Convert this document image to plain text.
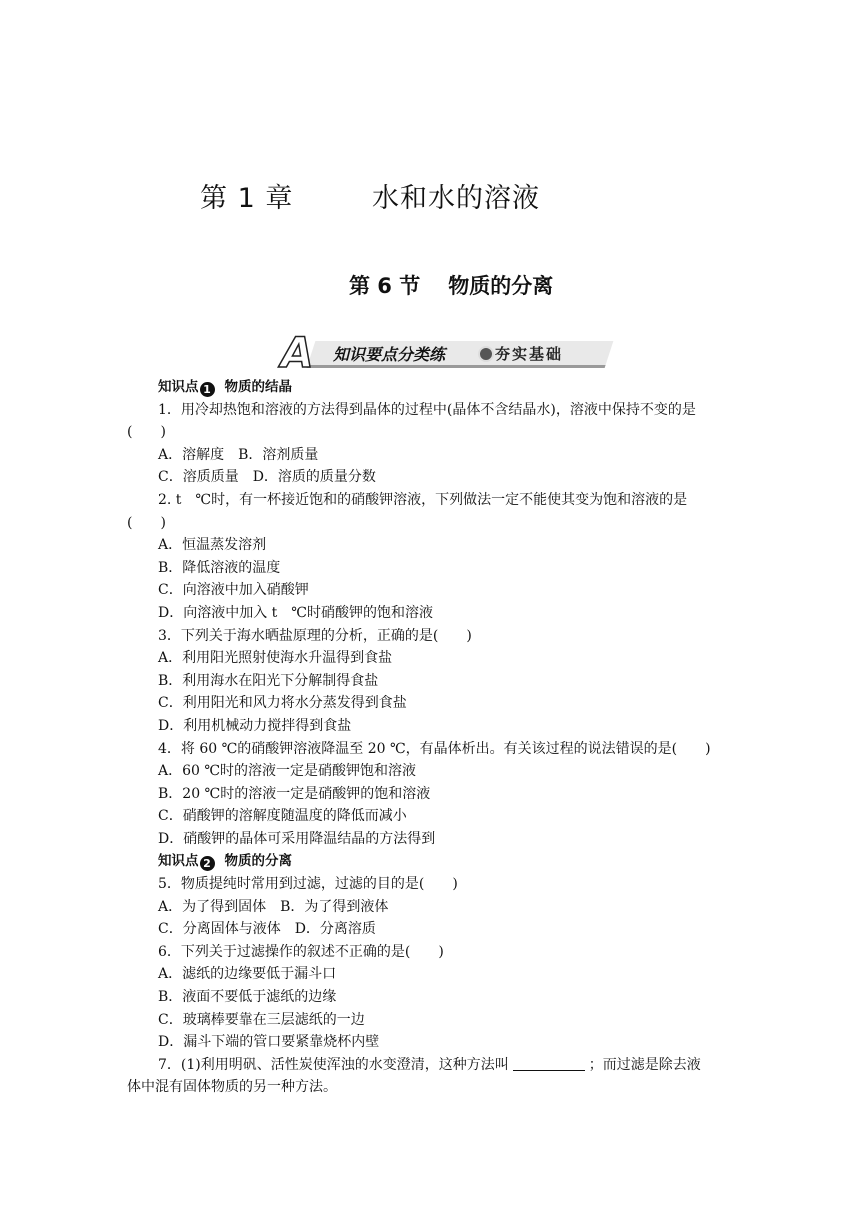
第 1 章	水和水的溶液
第 6 节 物质的分离
A 知识要点分类练	夯实基础
知识点 1 物质的结晶
1．用冷却热饱和溶液的方法得到晶体的过程中(晶体不含结晶水)，溶液中保持不变的是
(　　)
A．溶解度　B．溶剂质量
C．溶质质量　D．溶质的质量分数
2. t　℃时，有一杯接近饱和的硝酸钾溶液，下列做法一定不能使其变为饱和溶液的是
(　　)
A．恒温蒸发溶剂
B．降低溶液的温度
C．向溶液中加入硝酸钾
D．向溶液中加入 t　℃时硝酸钾的饱和溶液
3．下列关于海水晒盐原理的分析，正确的是(　　)
A．利用阳光照射使海水升温得到食盐
B．利用海水在阳光下分解制得食盐
C．利用阳光和风力将水分蒸发得到食盐
D．利用机械动力搅拌得到食盐
4．将 60 ℃的硝酸钾溶液降温至 20 ℃，有晶体析出。有关该过程的说法错误的是(　　)
A．60 ℃时的溶液一定是硝酸钾饱和溶液
B．20 ℃时的溶液一定是硝酸钾的饱和溶液
C．硝酸钾的溶解度随温度的降低而减小
D．硝酸钾的晶体可采用降温结晶的方法得到
知识点 2 物质的分离
5．物质提纯时常用到过滤，过滤的目的是(　　)
A．为了得到固体　B．为了得到液体
C．分离固体与液体　D．分离溶质
6．下列关于过滤操作的叙述不正确的是(　　)
A．滤纸的边缘要低于漏斗口
B．液面不要低于滤纸的边缘
C．玻璃棒要靠在三层滤纸的一边
D．漏斗下端的管口要紧靠烧杯内壁
7．(1)利用明矾、活性炭使浑浊的水变澄清，这种方法叫	；而过滤是除去液
体中混有固体物质的另一种方法。
